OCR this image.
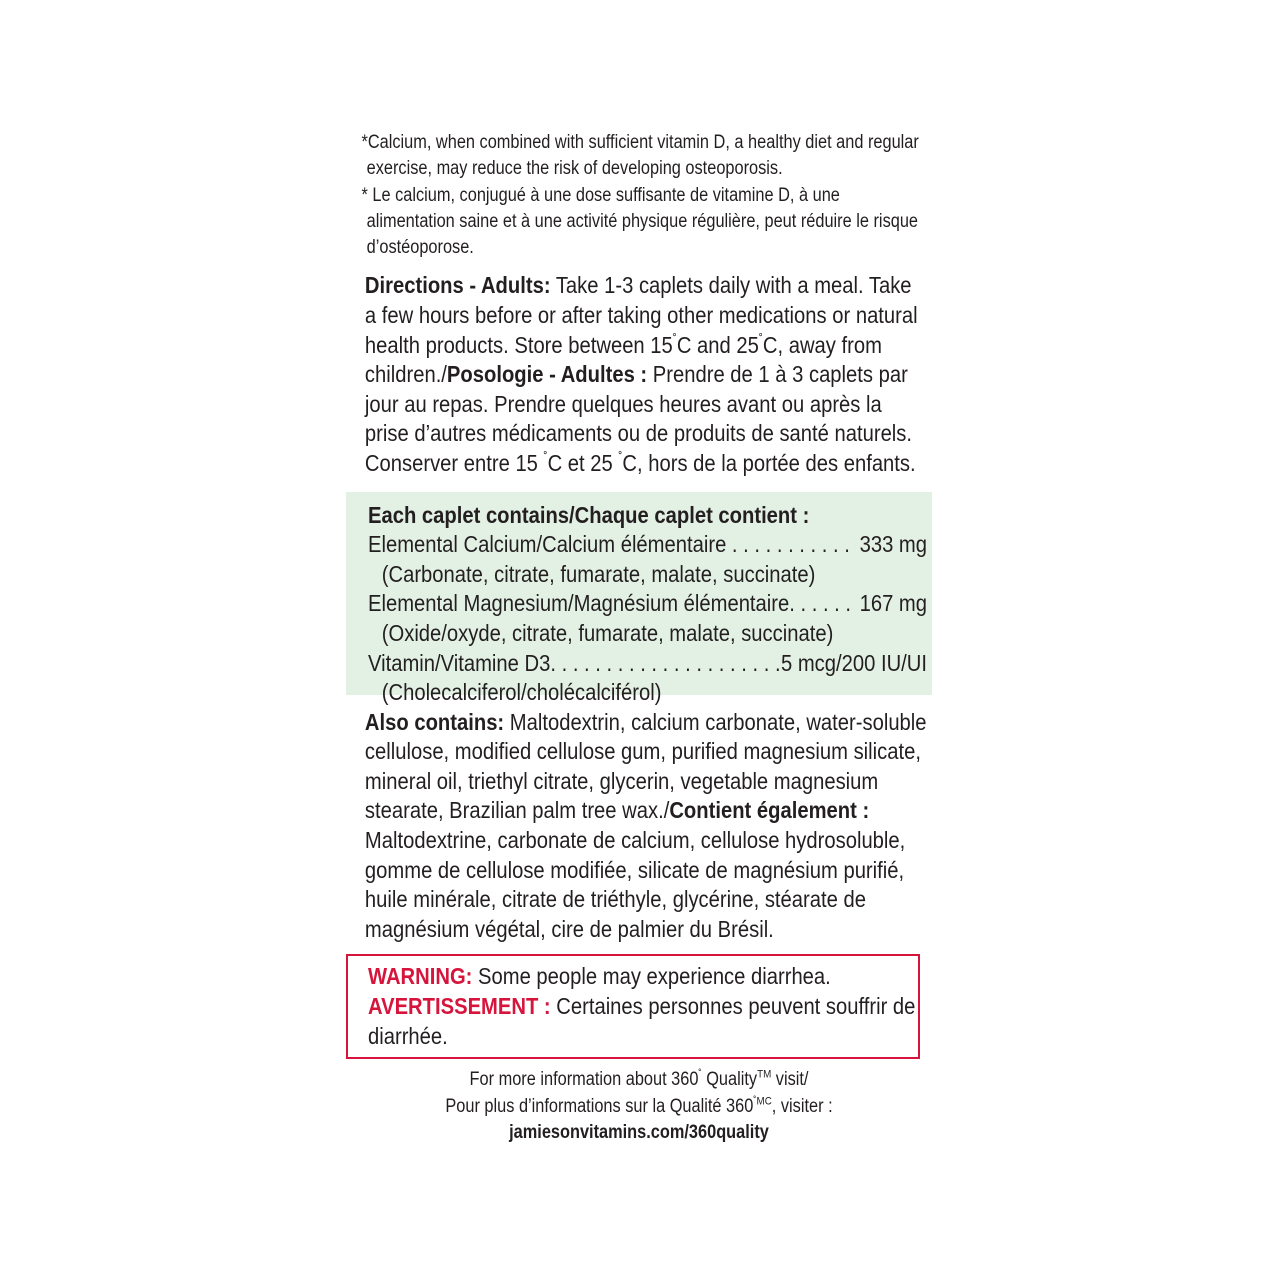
*Calcium, when combined with sufficient vitamin D, a healthy diet and regular exercise, may reduce the risk of developing osteoporosis.

* Le calcium, conjugué à une dose suffisante de vitamine D, à une alimentation saine et à une activité physique régulière, peut réduire le risque d’ostéoporose.

Directions - Adults: Take 1-3 caplets daily with a meal. Take a few hours before or after taking other medications or natural health products. Store between 15˚C and 25˚C, away from children./Posologie - Adultes : Prendre de 1 à 3 caplets par jour au repas. Prendre quelques heures avant ou après la prise d’autres médicaments ou de produits de santé naturels. Conserver entre 15 ˚C et 25 ˚C, hors de la portée des enfants.

Each caplet contains/Chaque caplet contient :
Elemental Calcium/Calcium élémentaire . . . . . . . . . . . 333 mg
(Carbonate, citrate, fumarate, malate, succinate)
Elemental Magnesium/Magnésium élémentaire. . . . . . 167 mg
(Oxide/oxyde, citrate, fumarate, malate, succinate)
Vitamin/Vitamine D3. . . . . . . . . . . . . . . . . . . . . 5 mcg/200 IU/UI
(Cholecalciferol/cholécalciférol)

Also contains: Maltodextrin, calcium carbonate, water-soluble cellulose, modified cellulose gum, purified magnesium silicate, mineral oil, triethyl citrate, glycerin, vegetable magnesium stearate, Brazilian palm tree wax./Contient également : Maltodextrine, carbonate de calcium, cellulose hydrosoluble, gomme de cellulose modifiée, silicate de magnésium purifié, huile minérale, citrate de triéthyle, glycérine, stéarate de magnésium végétal, cire de palmier du Brésil.

WARNING: Some people may experience diarrhea.

AVERTISSEMENT : Certaines personnes peuvent souffrir de diarrhée.

For more information about 360˚ Quality™ visit/

Pour plus d’informations sur la Qualité $360^{˚MC}$, visiter :

jamiesonvitamins.com/360quality
